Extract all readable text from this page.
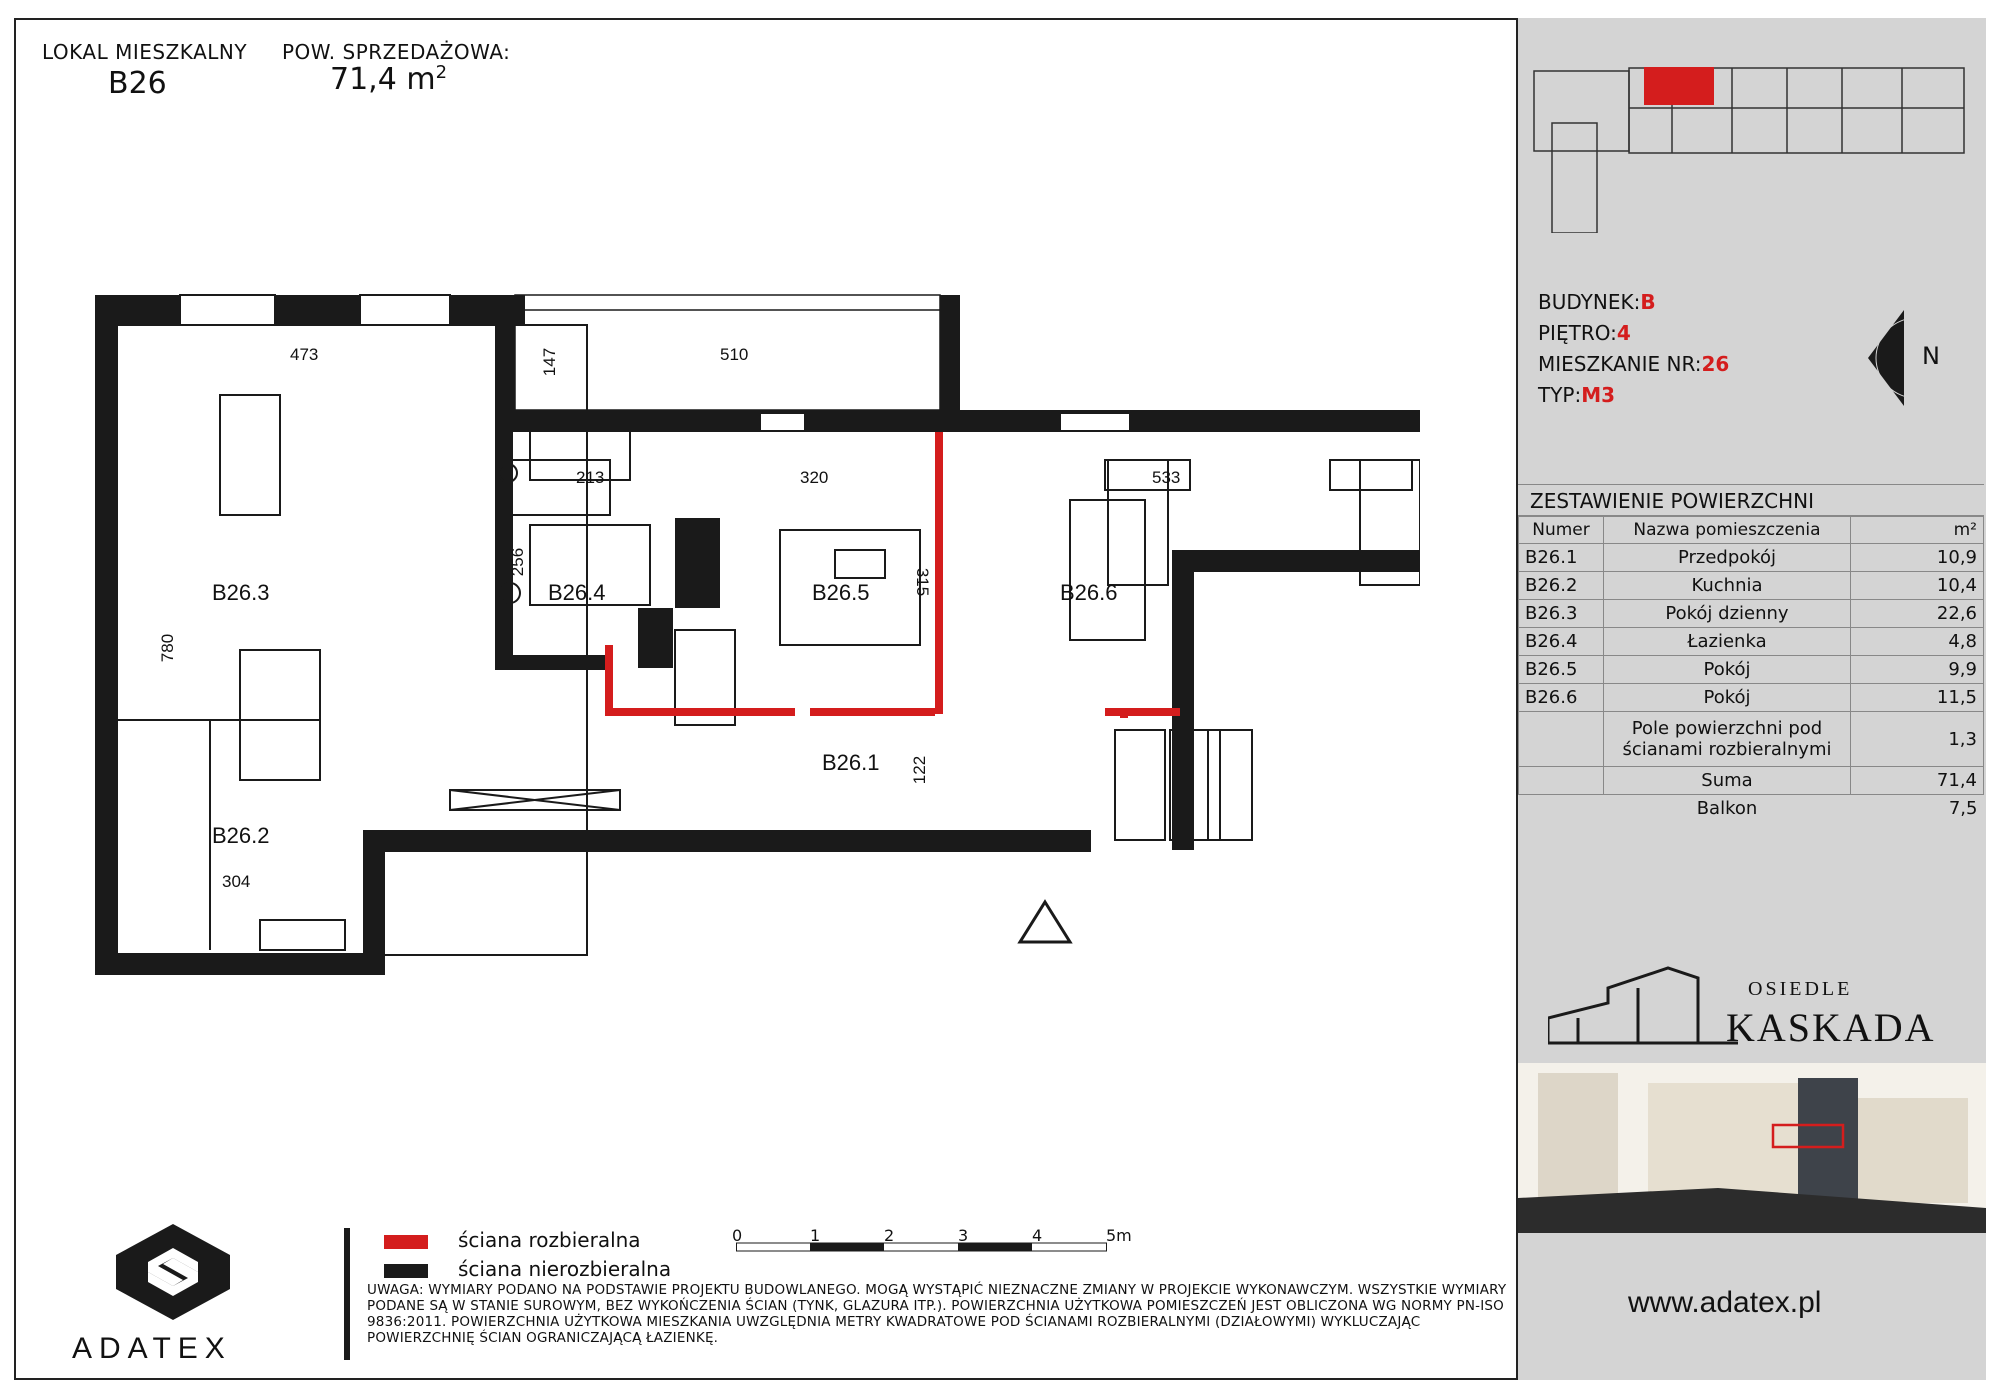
LOKAL MIESZKALNY
B26
POW. SPRZEDAŻOWA:
71,4 $m^2$
B26.3	B26.4	B26.5	B26.6
B26.1
B26.2
473	510
147
213	320	533
256
315
780
122
304
ściana rozbieralna
ściana nierozbieralna
0	1	2	3	4	5m
UWAGA: WYMIARY PODANO NA PODSTAWIE PROJEKTU BUDOWLANEGO. MOGĄ WYSTĄPIĆ NIEZNACZNE ZMIANY W PROJEKCIE WYKONAWCZYM. WSZYSTKIE WYMIARY PODANE SĄ W STANIE SUROWYM, BEZ WYKOŃCZENIA ŚCIAN (TYNK, GLAZURA ITP.). POWIERZCHNIA UŻYTKOWA POMIESZCZEŃ JEST OBLICZONA WG NORMY PN-ISO 9836:2011. POWIERZCHNIA UŻYTKOWA MIESZKANIA UWZGLĘDNIA METRY KWADRATOWE POD ŚCIANAMI ROZBIERALNYMI (DZIAŁOWYMI) WYKLUCZAJĄC POWIERZCHNIĘ ŚCIAN OGRANICZAJĄCĄ ŁAZIENKĘ.
ADATEX
BUDYNEK:B
PIĘTRO:4
MIESZKANIE NR:26
TYP:M3
N
ZESTAWIENIE POWIERZCHNI
Numer	Nazwa pomieszczenia	m²
B26.1	Przedpokój	10,9
B26.2	Kuchnia	10,4
B26.3	Pokój dzienny	22,6
B26.4	Łazienka	4,8
B26.5	Pokój	9,9
B26.6	Pokój	11,5
	Pole powierzchni pod ścianami rozbieralnymi	1,3
	Suma	71,4
	Balkon	7,5
OSIEDLE
KASKADA
www.adatex.pl
